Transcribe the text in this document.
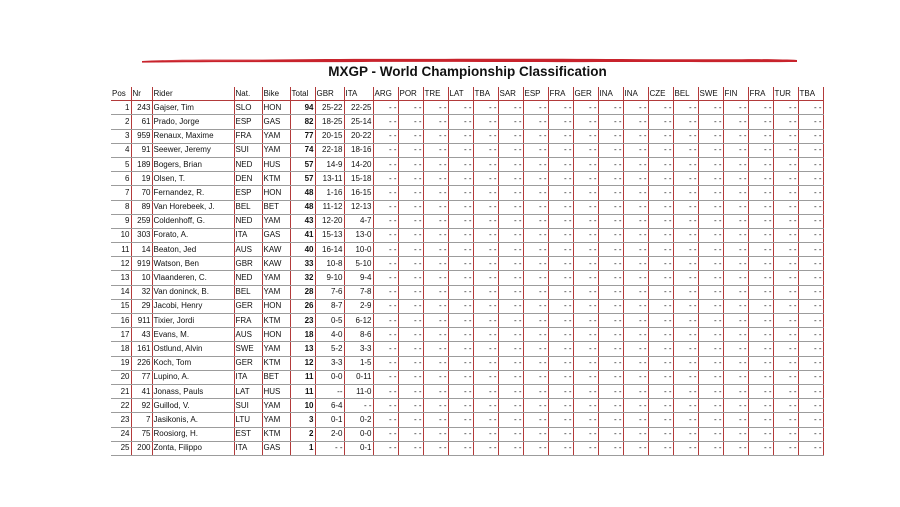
MXGP - World Championship Classification
Pos	Nr	Rider	Nat.	Bike	Total	GBR	ITA	ARG	POR	TRE	LAT	TBA	SAR	ESP	FRA	GER	INA	INA	CZE	BEL	SWE	FIN	FRA	TUR	TBA
1	243	Gajser, Tim	SLO	HON	94	25-22	22-25	- -	- -	- -	- -	- -	- -	- -	- -	- -	- -	- -	- -	- -	- -	- -	- -	- -	- -
2	61	Prado, Jorge	ESP	GAS	82	18-25	25-14	- -	- -	- -	- -	- -	- -	- -	- -	- -	- -	- -	- -	- -	- -	- -	- -	- -	- -
3	959	Renaux, Maxime	FRA	YAM	77	20-15	20-22	- -	- -	- -	- -	- -	- -	- -	- -	- -	- -	- -	- -	- -	- -	- -	- -	- -	- -
4	91	Seewer, Jeremy	SUI	YAM	74	22-18	18-16	- -	- -	- -	- -	- -	- -	- -	- -	- -	- -	- -	- -	- -	- -	- -	- -	- -	- -
5	189	Bogers, Brian	NED	HUS	57	14-9	14-20	- -	- -	- -	- -	- -	- -	- -	- -	- -	- -	- -	- -	- -	- -	- -	- -	- -	- -
6	19	Olsen, T.	DEN	KTM	57	13-11	15-18	- -	- -	- -	- -	- -	- -	- -	- -	- -	- -	- -	- -	- -	- -	- -	- -	- -	- -
7	70	Fernandez, R.	ESP	HON	48	1-16	16-15	- -	- -	- -	- -	- -	- -	- -	- -	- -	- -	- -	- -	- -	- -	- -	- -	- -	- -
8	89	Van Horebeek, J.	BEL	BET	48	11-12	12-13	- -	- -	- -	- -	- -	- -	- -	- -	- -	- -	- -	- -	- -	- -	- -	- -	- -	- -
9	259	Coldenhoff, G.	NED	YAM	43	12-20	4-7	- -	- -	- -	- -	- -	- -	- -	- -	- -	- -	- -	- -	- -	- -	- -	- -	- -	- -
10	303	Forato, A.	ITA	GAS	41	15-13	13-0	- -	- -	- -	- -	- -	- -	- -	- -	- -	- -	- -	- -	- -	- -	- -	- -	- -	- -
11	14	Beaton, Jed	AUS	KAW	40	16-14	10-0	- -	- -	- -	- -	- -	- -	- -	- -	- -	- -	- -	- -	- -	- -	- -	- -	- -	- -
12	919	Watson, Ben	GBR	KAW	33	10-8	5-10	- -	- -	- -	- -	- -	- -	- -	- -	- -	- -	- -	- -	- -	- -	- -	- -	- -	- -
13	10	Vlaanderen, C.	NED	YAM	32	9-10	9-4	- -	- -	- -	- -	- -	- -	- -	- -	- -	- -	- -	- -	- -	- -	- -	- -	- -	- -
14	32	Van doninck, B.	BEL	YAM	28	7-6	7-8	- -	- -	- -	- -	- -	- -	- -	- -	- -	- -	- -	- -	- -	- -	- -	- -	- -	- -
15	29	Jacobi, Henry	GER	HON	26	8-7	2-9	- -	- -	- -	- -	- -	- -	- -	- -	- -	- -	- -	- -	- -	- -	- -	- -	- -	- -
16	911	Tixier, Jordi	FRA	KTM	23	0-5	6-12	- -	- -	- -	- -	- -	- -	- -	- -	- -	- -	- -	- -	- -	- -	- -	- -	- -	- -
17	43	Evans, M.	AUS	HON	18	4-0	8-6	- -	- -	- -	- -	- -	- -	- -	- -	- -	- -	- -	- -	- -	- -	- -	- -	- -	- -
18	161	Ostlund, Alvin	SWE	YAM	13	5-2	3-3	- -	- -	- -	- -	- -	- -	- -	- -	- -	- -	- -	- -	- -	- -	- -	- -	- -	- -
19	226	Koch, Tom	GER	KTM	12	3-3	1-5	- -	- -	- -	- -	- -	- -	- -	- -	- -	- -	- -	- -	- -	- -	- -	- -	- -	- -
20	77	Lupino, A.	ITA	BET	11	0-0	0-11	- -	- -	- -	- -	- -	- -	- -	- -	- -	- -	- -	- -	- -	- -	- -	- -	- -	- -
21	41	Jonass, Pauls	LAT	HUS	11	--	11-0	- -	- -	- -	- -	- -	- -	- -	- -	- -	- -	- -	- -	- -	- -	- -	- -	- -	- -
22	92	Guillod, V.	SUI	YAM	10	6-4	- -	- -	- -	- -	- -	- -	- -	- -	- -	- -	- -	- -	- -	- -	- -	- -	- -	- -	- -
23	7	Jasikonis, A.	LTU	YAM	3	0-1	0-2	- -	- -	- -	- -	- -	- -	- -	- -	- -	- -	- -	- -	- -	- -	- -	- -	- -	- -
24	75	Roosiorg, H.	EST	KTM	2	2-0	0-0	- -	- -	- -	- -	- -	- -	- -	- -	- -	- -	- -	- -	- -	- -	- -	- -	- -	- -
25	200	Zonta, Filippo	ITA	GAS	1	- -	0-1	- -	- -	- -	- -	- -	- -	- -	- -	- -	- -	- -	- -	- -	- -	- -	- -	- -	- -
